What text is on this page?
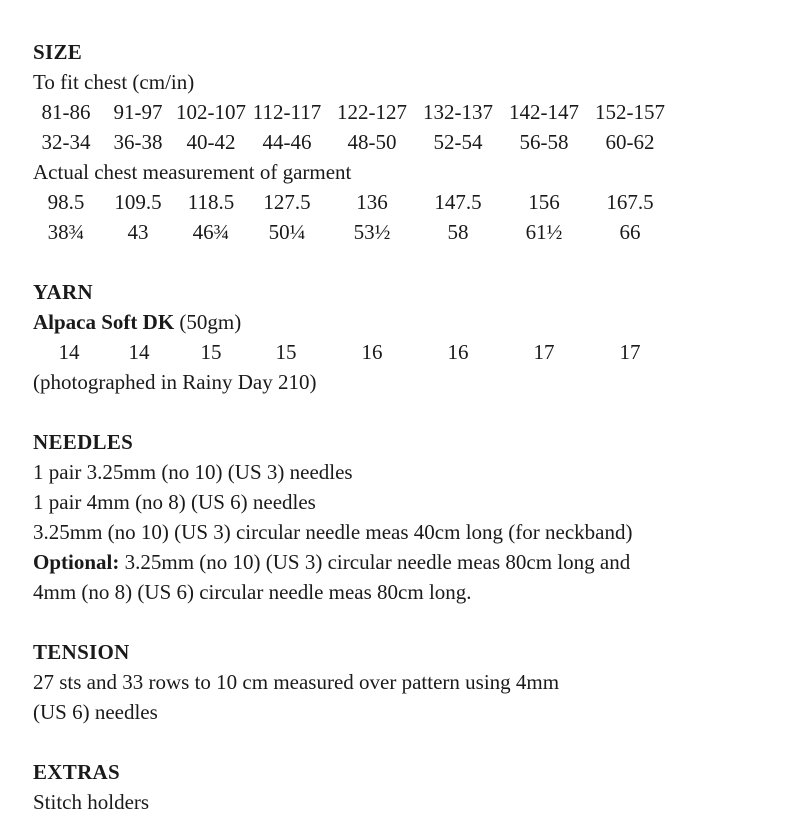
SIZE
To fit chest (cm/in)
81-86	91-97 102-107 112-117 122-127 132-137 142-147 152-157
32-34	36-38	40-42	44-46	48-50	52-54	56-58	60-62
Actual chest measurement of garment
98.5	109.5	118.5	127.5	136	147.5	156	167.5
38¾	43	46¾	50¼	53½	58	61½	66
YARN
Alpaca Soft DK (50gm)
14	14	15	15	16	16	17	17
(photographed in Rainy Day 210)
NEEDLES
1 pair 3.25mm (no 10) (US 3) needles
1 pair 4mm (no 8) (US 6) needles
3.25mm (no 10) (US 3) circular needle meas 40cm long (for neckband)
Optional: 3.25mm (no 10) (US 3) circular needle meas 80cm long and
4mm (no 8) (US 6) circular needle meas 80cm long.
TENSION
27 sts and 33 rows to 10 cm measured over pattern using 4mm
(US 6) needles
EXTRAS
Stitch holders
